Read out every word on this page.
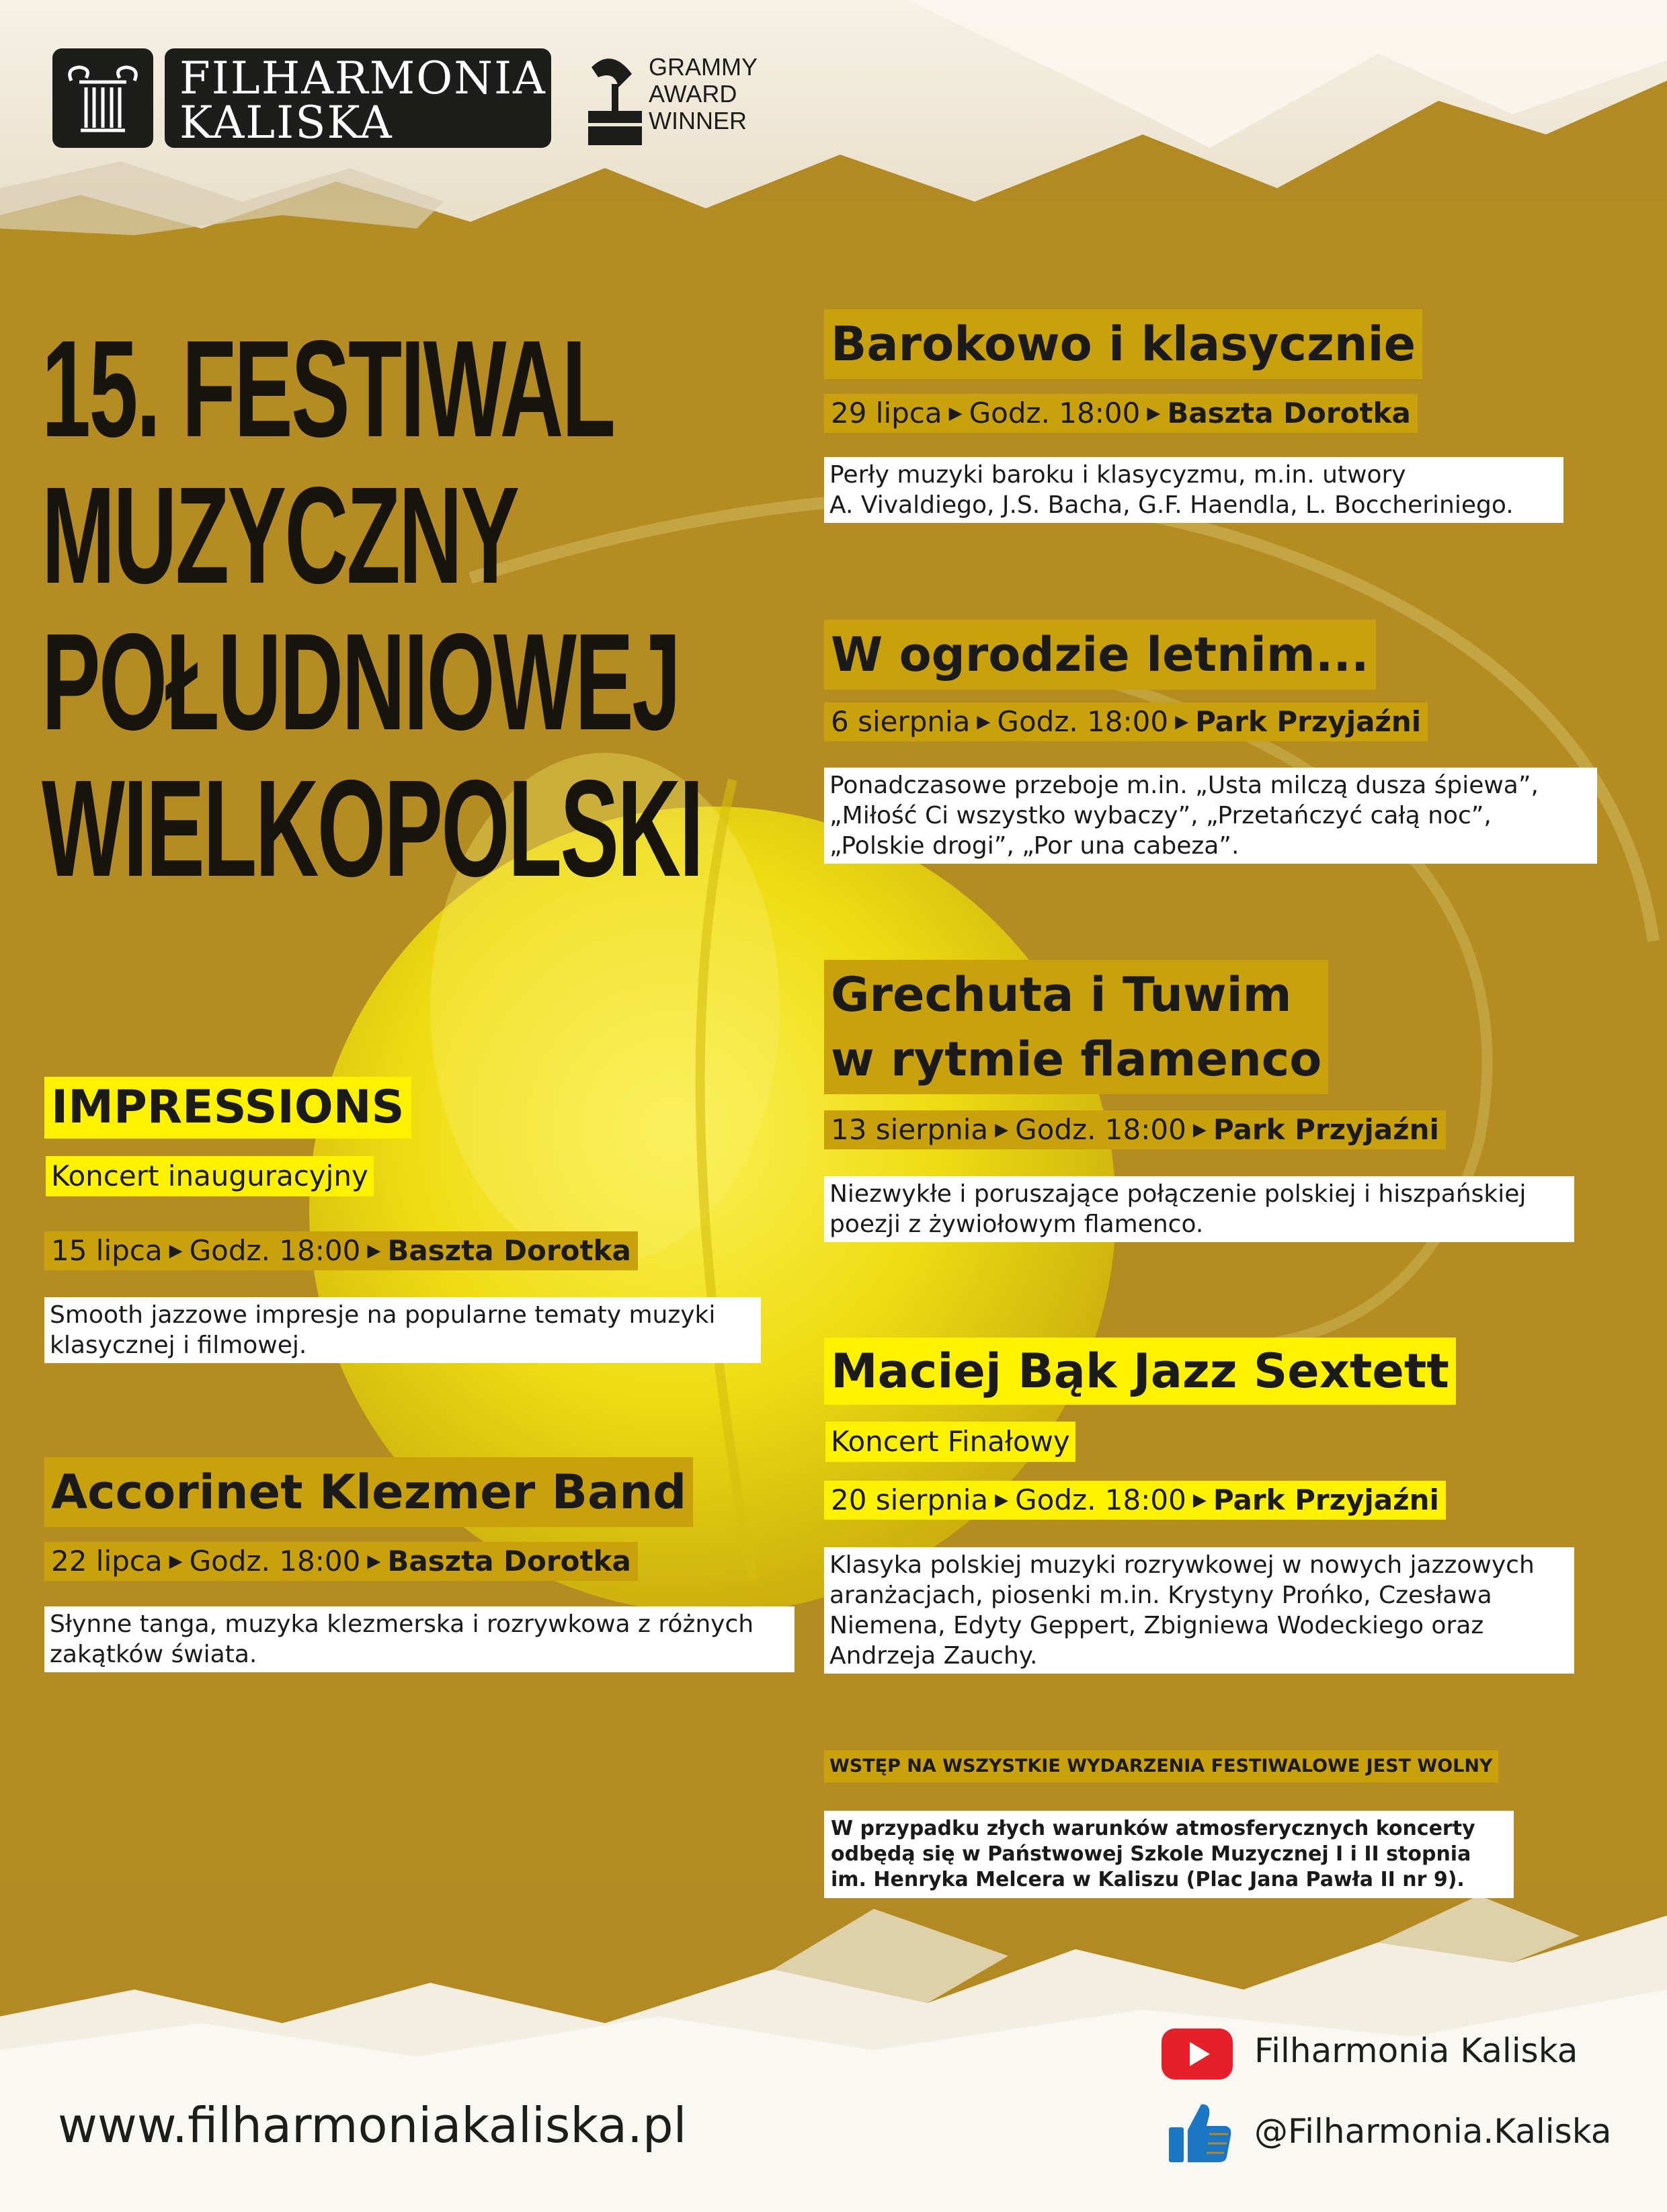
FILHARMONIA
KALISKA
GRAMMY
AWARD
WINNER
15. FESTIWAL
MUZYCZNY
POŁUDNIOWEJ
WIELKOPOLSKI
IMPRESSIONS
Koncert inauguracyjny
15 lipca ▶ Godz. 18:00 ▶ Baszta Dorotka
Smooth jazzowe impresje na popularne tematy muzyki
klasycznej i filmowej.
Accorinet Klezmer Band
22 lipca ▶ Godz. 18:00 ▶ Baszta Dorotka
Słynne tanga, muzyka klezmerska i rozrywkowa z różnych
zakątków świata.
Barokowo i klasycznie
29 lipca ▶ Godz. 18:00 ▶ Baszta Dorotka
Perły muzyki baroku i klasycyzmu, m.in. utwory
A. Vivaldiego, J.S. Bacha, G.F. Haendla, L. Boccheriniego.
W ogrodzie letnim...
6 sierpnia ▶ Godz. 18:00 ▶ Park Przyjaźni
Ponadczasowe przeboje m.in. „Usta milczą dusza śpiewa”,
„Miłość Ci wszystko wybaczy”, „Przetańczyć całą noc”,
„Polskie drogi”, „Por una cabeza”.
Grechuta i Tuwim
w rytmie flamenco
13 sierpnia ▶ Godz. 18:00 ▶ Park Przyjaźni
Niezwykłe i poruszające połączenie polskiej i hiszpańskiej
poezji z żywiołowym flamenco.
Maciej Bąk Jazz Sextett
Koncert Finałowy
20 sierpnia ▶ Godz. 18:00 ▶ Park Przyjaźni
Klasyka polskiej muzyki rozrywkowej w nowych jazzowych
aranżacjach, piosenki m.in. Krystyny Prońko, Czesława
Niemena, Edyty Geppert, Zbigniewa Wodeckiego oraz
Andrzeja Zauchy.
WSTĘP NA WSZYSTKIE WYDARZENIA FESTIWALOWE JEST WOLNY
W przypadku złych warunków atmosferycznych koncerty
odbędą się w Państwowej Szkole Muzycznej I i II stopnia
im. Henryka Melcera w Kaliszu (Plac Jana Pawła II nr 9).
www.filharmoniakaliska.pl
Filharmonia Kaliska
@Filharmonia.Kaliska
